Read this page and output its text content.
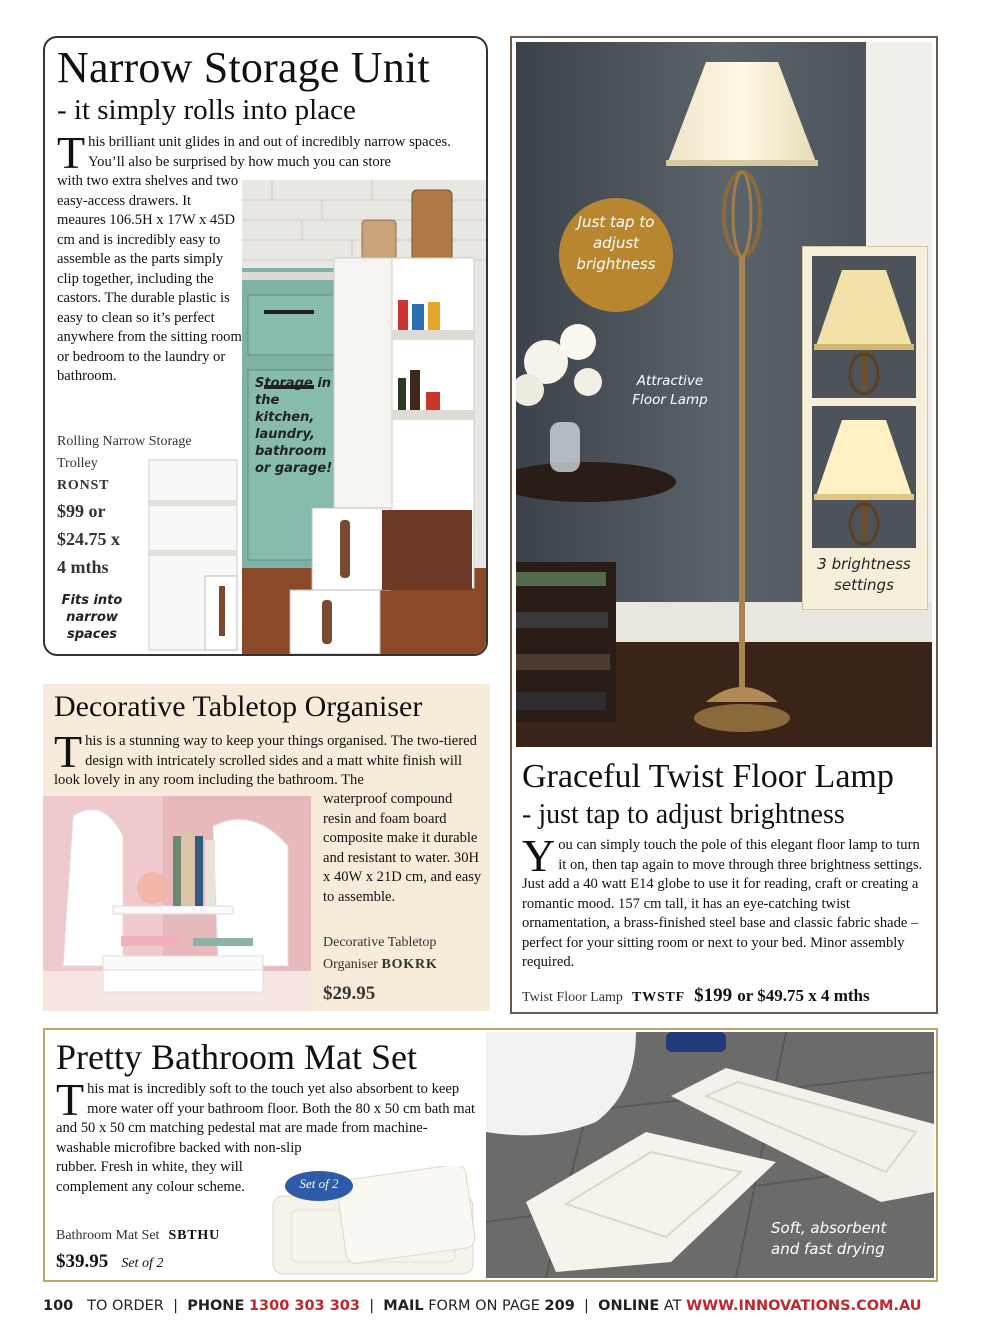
Narrow Storage Unit
- it simply rolls into place
This brilliant unit glides in and out of incredibly narrow spaces. You’ll also be surprised by how much you can store
with two extra shelves and two easy-access drawers. It meaures 106.5H x 17W x 45D cm and is incredibly easy to assemble as the parts simply clip together, including the castors. The durable plastic is easy to clean so it’s perfect anywhere from the sitting room or bedroom to the laundry or bathroom.	Storage in the kitchen, laundry, bathroom or garage!
Rolling Narrow Storage
Trolley
RONST
$99 or
$24.75 x
4 mths
Fits into narrow spaces
Just tap to adjust brightness
Attractive Floor Lamp
3 brightness settings
Graceful Twist Floor Lamp
- just tap to adjust brightness
You can simply touch the pole of this elegant floor lamp to turn it on, then tap again to move through three brightness settings. Just add a 40 watt E14 globe to use it for reading, craft or creating a romantic mood. 157 cm tall, it has an eye-catching twist ornamentation, a brass-finished steel base and classic fabric shade – perfect for your sitting room or next to your bed. Minor assembly required.
Twist Floor Lamp TWSTF $199 or $49.75 x 4 mths
Decorative Tabletop Organiser
This is a stunning way to keep your things organised. The two-tiered design with intricately scrolled sides and a matt white finish will look lovely in any room including the bathroom. The
waterproof compound resin and foam board composite make it durable and resistant to water. 30H x 40W x 21D cm, and easy to assemble.
Decorative Tabletop
Organiser BOKRK
$29.95
Pretty Bathroom Mat Set
This mat is incredibly soft to the touch yet also absorbent to keep more water off your bathroom floor. Both the 80 x 50 cm bath mat and 50 x 50 cm matching pedestal mat are made from machine-washable microfibre backed with non-slip
rubber. Fresh in white, they will complement any colour scheme.
Bathroom Mat Set SBTHU
$39.95 Set of 2
Set of 2
Soft, absorbent and fast drying
100 TO ORDER | PHONE 1300 303 303 | MAIL FORM ON PAGE 209 | ONLINE AT WWW.INNOVATIONS.COM.AU
